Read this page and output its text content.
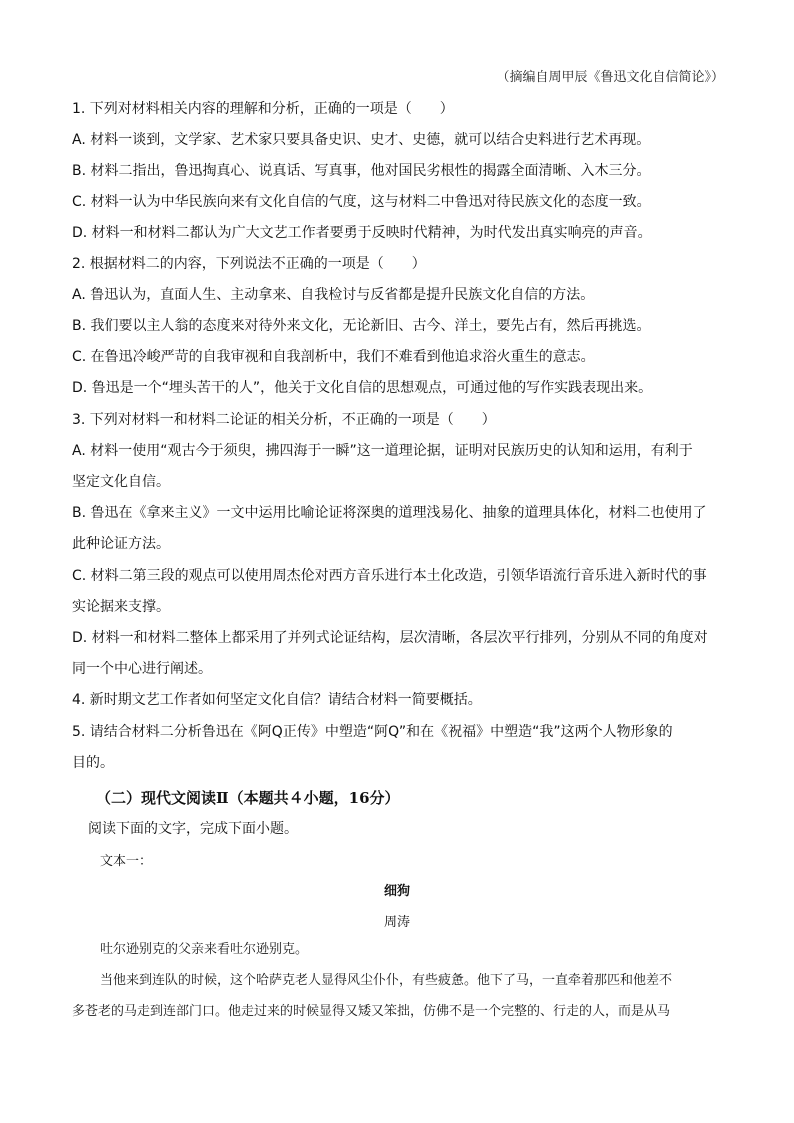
（摘编自周甲辰《鲁迅文化自信简论》）
1. 下列对材料相关内容的理解和分析，正确的一项是（　　）
A. 材料一谈到，文学家、艺术家只要具备史识、史才、史德，就可以结合史料进行艺术再现。
B. 材料二指出，鲁迅掏真心、说真话、写真事，他对国民劣根性的揭露全面清晰、入木三分。
C. 材料一认为中华民族向来有文化自信的气度，这与材料二中鲁迅对待民族文化的态度一致。
D. 材料一和材料二都认为广大文艺工作者要勇于反映时代精神，为时代发出真实响亮的声音。
2. 根据材料二的内容，下列说法不正确的一项是（　　）
A. 鲁迅认为，直面人生、主动拿来、自我检讨与反省都是提升民族文化自信的方法。
B. 我们要以主人翁的态度来对待外来文化，无论新旧、古今、洋土，要先占有，然后再挑选。
C. 在鲁迅冷峻严苛的自我审视和自我剖析中，我们不难看到他追求浴火重生的意志。
D. 鲁迅是一个“埋头苦干的人”，他关于文化自信的思想观点，可通过他的写作实践表现出来。
3. 下列对材料一和材料二论证的相关分析，不正确的一项是（　　）
A. 材料一使用“观古今于须臾，拂四海于一瞬”这一道理论据，证明对民族历史的认知和运用，有利于
坚定文化自信。
B. 鲁迅在《拿来主义》一文中运用比喻论证将深奥的道理浅易化、抽象的道理具体化，材料二也使用了
此种论证方法。
C. 材料二第三段的观点可以使用周杰伦对西方音乐进行本土化改造，引领华语流行音乐进入新时代的事
实论据来支撑。
D. 材料一和材料二整体上都采用了并列式论证结构，层次清晰，各层次平行排列，分别从不同的角度对
同一个中心进行阐述。
4. 新时期文艺工作者如何坚定文化自信？请结合材料一简要概括。
5. 请结合材料二分析鲁迅在《阿Q正传》中塑造“阿Q”和在《祝福》中塑造“我”这两个人物形象的
目的。
（二）现代文阅读Ⅱ（本题共４小题，16分）
阅读下面的文字，完成下面小题。
文本一：
细狗
周涛
吐尔逊别克的父亲来看吐尔逊别克。
当他来到连队的时候，这个哈萨克老人显得风尘仆仆，有些疲惫。他下了马，一直牵着那匹和他差不
多苍老的马走到连部门口。他走过来的时候显得又矮又笨拙，仿佛不是一个完整的、行走的人，而是从马
